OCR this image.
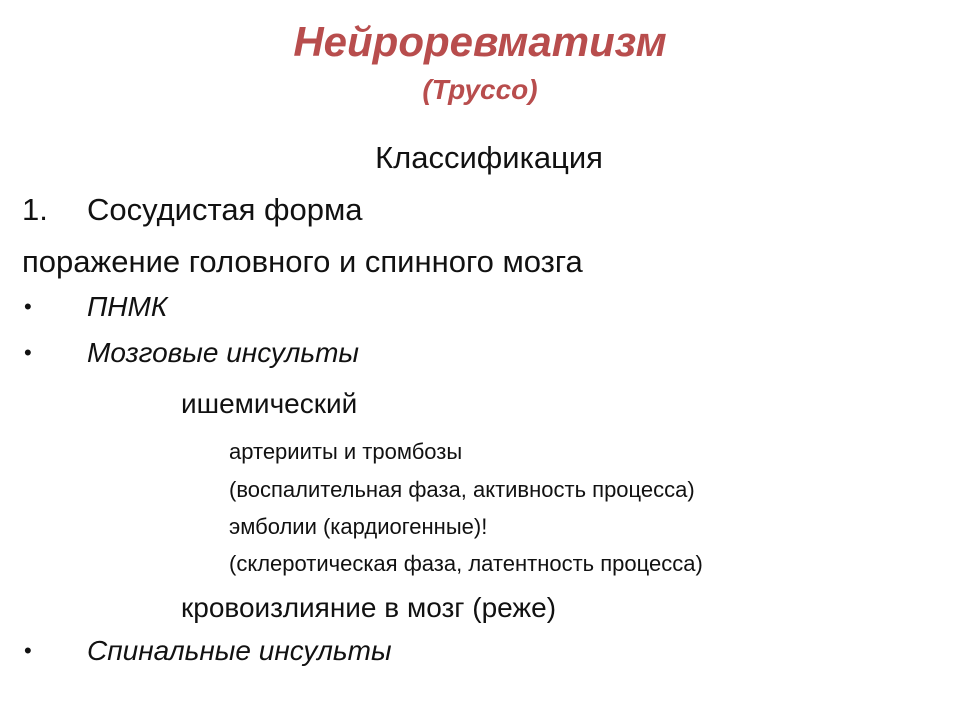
Нейроревматизм
(Труссо)
Классификация
1. Сосудистая форма
поражение головного и спинного мозга
• ПНМК
• Мозговые инсульты
ишемический
артерииты и тромбозы
(воспалительная фаза, активность процесса)
эмболии (кардиогенные)!
(склеротическая фаза, латентность процесса)
кровоизлияние в мозг (реже)
• Спинальные инсульты
